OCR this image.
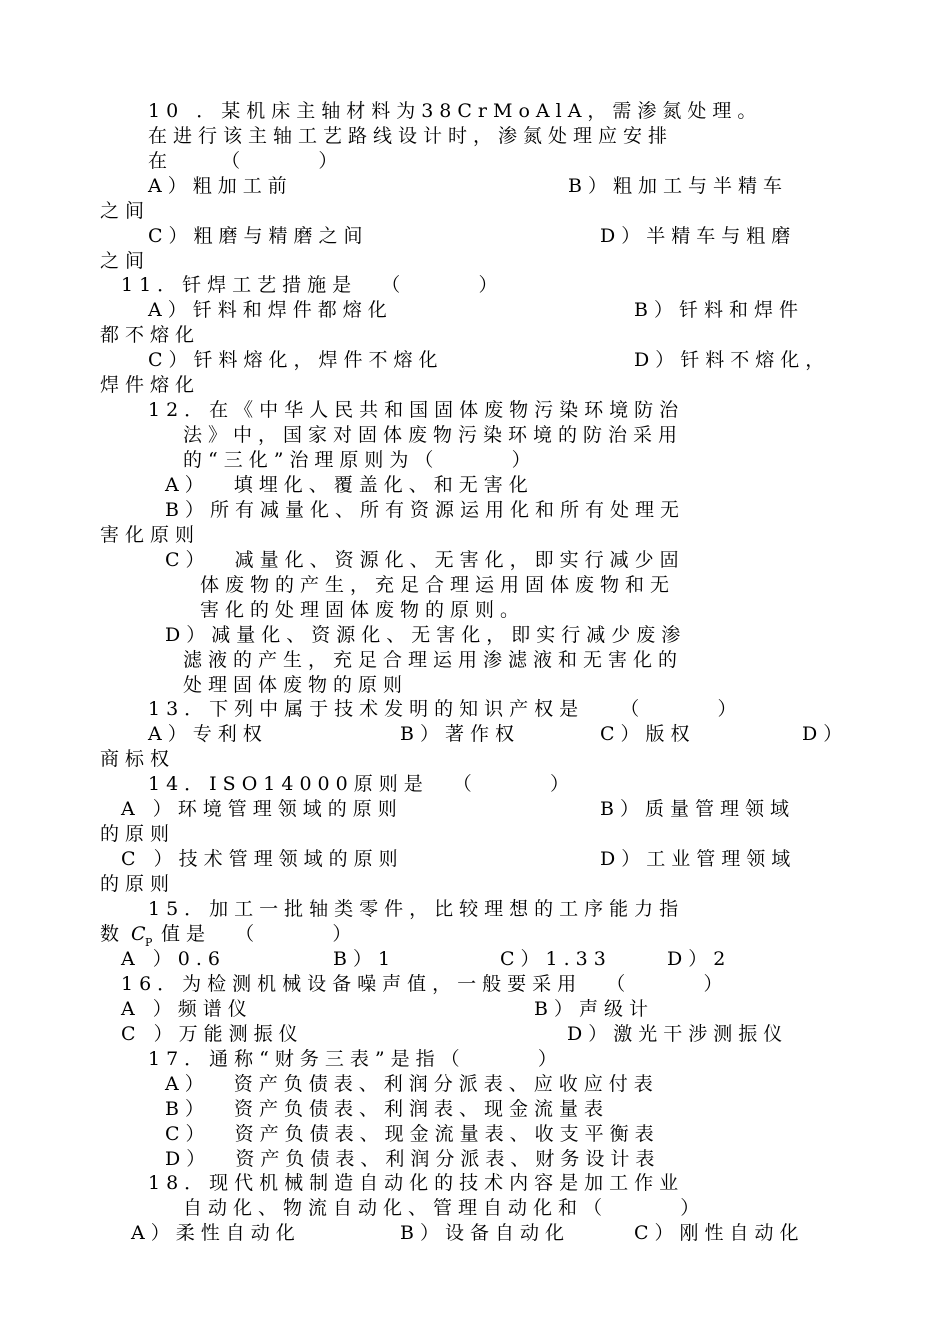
10 ．某机床主轴材料为38CrMoAlA，需渗氮处理。
在进行该主轴工艺路线设计时，渗氮处理应安排
在    （      ）
A）粗加工前	B）粗加工与半精车
之间
C）粗磨与精磨之间	D）半精车与粗磨
之间
11．钎焊工艺措施是  （      ）
A）钎料和焊件都熔化	B）钎料和焊件
都不熔化
C）钎料熔化，焊件不熔化	D）钎料不熔化，
焊件熔化
12．在《中华人民共和国固体废物污染环境防治
法》中，国家对固体废物污染环境的防治采用
的“三化”治理原则为（      ）
A）  填埋化、覆盖化、和无害化
B）所有减量化、所有资源运用化和所有处理无
害化原则
C）  减量化、资源化、无害化，即实行减少固
体废物的产生，充足合理运用固体废物和无
害化的处理固体废物的原则。
D）减量化、资源化、无害化，即实行减少废渗
滤液的产生，充足合理运用渗滤液和无害化的
处理固体废物的原则
13．下列中属于技术发明的知识产权是   （      ）
A）专利权	B）著作权	C）版权	D）
商标权
14．ISO14000原则是  （      ）
A ）环境管理领域的原则	B）质量管理领域
的原则
C ）技术管理领域的原则	D）工业管理领域
的原则
15．加工一批轴类零件，比较理想的工序能力指
数 C P 值是  （      ）
A ）0.6	B）1	C）1.33	D）2
16．为检测机械设备噪声值，一般要采用  （      ）
A ）频谱仪	B）声级计
C ）万能测振仪	D）激光干涉测振仪
17．通称“财务三表”是指（      ）
A）  资产负债表、利润分派表、应收应付表
B）  资产负债表、利润表、现金流量表
C）  资产负债表、现金流量表、收支平衡表
D）  资产负债表、利润分派表、财务设计表
18．现代机械制造自动化的技术内容是加工作业
自动化、物流自动化、管理自动化和（      ）
A）柔性自动化	B）设备自动化	C）刚性自动化
